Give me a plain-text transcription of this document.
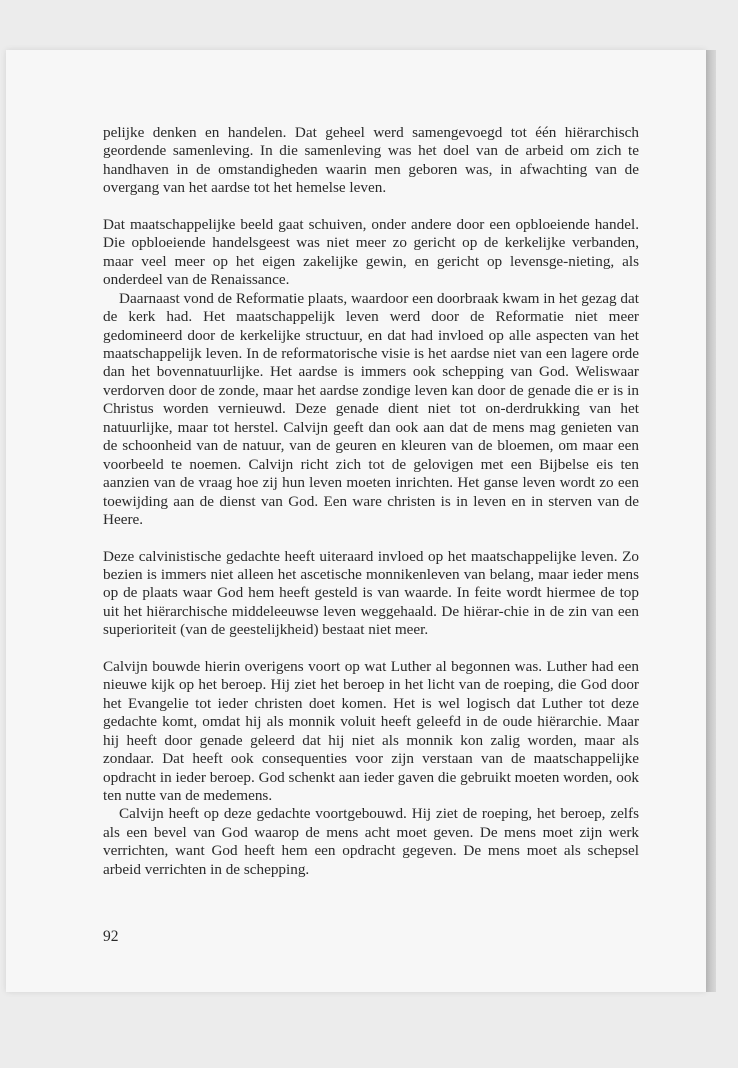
pelijke denken en handelen. Dat geheel werd samengevoegd tot één hiërarchisch geordende samenleving. In die samenleving was het doel van de arbeid om zich te handhaven in de omstandigheden waarin men geboren was, in afwachting van de overgang van het aardse tot het hemelse leven.

Dat maatschappelijke beeld gaat schuiven, onder andere door een opbloeiende handel. Die opbloeiende handelsgeest was niet meer zo gericht op de kerkelijke verbanden, maar veel meer op het eigen zakelijke gewin, en gericht op levensge-nieting, als onderdeel van de Renaissance.

Daarnaast vond de Reformatie plaats, waardoor een doorbraak kwam in het gezag dat de kerk had. Het maatschappelijk leven werd door de Reformatie niet meer gedomineerd door de kerkelijke structuur, en dat had invloed op alle aspecten van het maatschappelijk leven. In de reformatorische visie is het aardse niet van een lagere orde dan het bovennatuurlijke. Het aardse is immers ook schepping van God. Weliswaar verdorven door de zonde, maar het aardse zondige leven kan door de genade die er is in Christus worden vernieuwd. Deze genade dient niet tot on-derdrukking van het natuurlijke, maar tot herstel. Calvijn geeft dan ook aan dat de mens mag genieten van de schoonheid van de natuur, van de geuren en kleuren van de bloemen, om maar een voorbeeld te noemen. Calvijn richt zich tot de gelovigen met een Bijbelse eis ten aanzien van de vraag hoe zij hun leven moeten inrichten. Het ganse leven wordt zo een toewijding aan de dienst van God. Een ware christen is in leven en in sterven van de Heere.

Deze calvinistische gedachte heeft uiteraard invloed op het maatschappelijke leven. Zo bezien is immers niet alleen het ascetische monnikenleven van belang, maar ieder mens op de plaats waar God hem heeft gesteld is van waarde. In feite wordt hiermee de top uit het hiërarchische middeleeuwse leven weggehaald. De hiërar-chie in de zin van een superioriteit (van de geestelijkheid) bestaat niet meer.

Calvijn bouwde hierin overigens voort op wat Luther al begonnen was. Luther had een nieuwe kijk op het beroep. Hij ziet het beroep in het licht van de roeping, die God door het Evangelie tot ieder christen doet komen. Het is wel logisch dat Luther tot deze gedachte komt, omdat hij als monnik voluit heeft geleefd in de oude hiërarchie. Maar hij heeft door genade geleerd dat hij niet als monnik kon zalig worden, maar als zondaar. Dat heeft ook consequenties voor zijn verstaan van de maatschappelijke opdracht in ieder beroep. God schenkt aan ieder gaven die gebruikt moeten worden, ook ten nutte van de medemens.

Calvijn heeft op deze gedachte voortgebouwd. Hij ziet de roeping, het beroep, zelfs als een bevel van God waarop de mens acht moet geven. De mens moet zijn werk verrichten, want God heeft hem een opdracht gegeven. De mens moet als schepsel arbeid verrichten in de schepping.

92
